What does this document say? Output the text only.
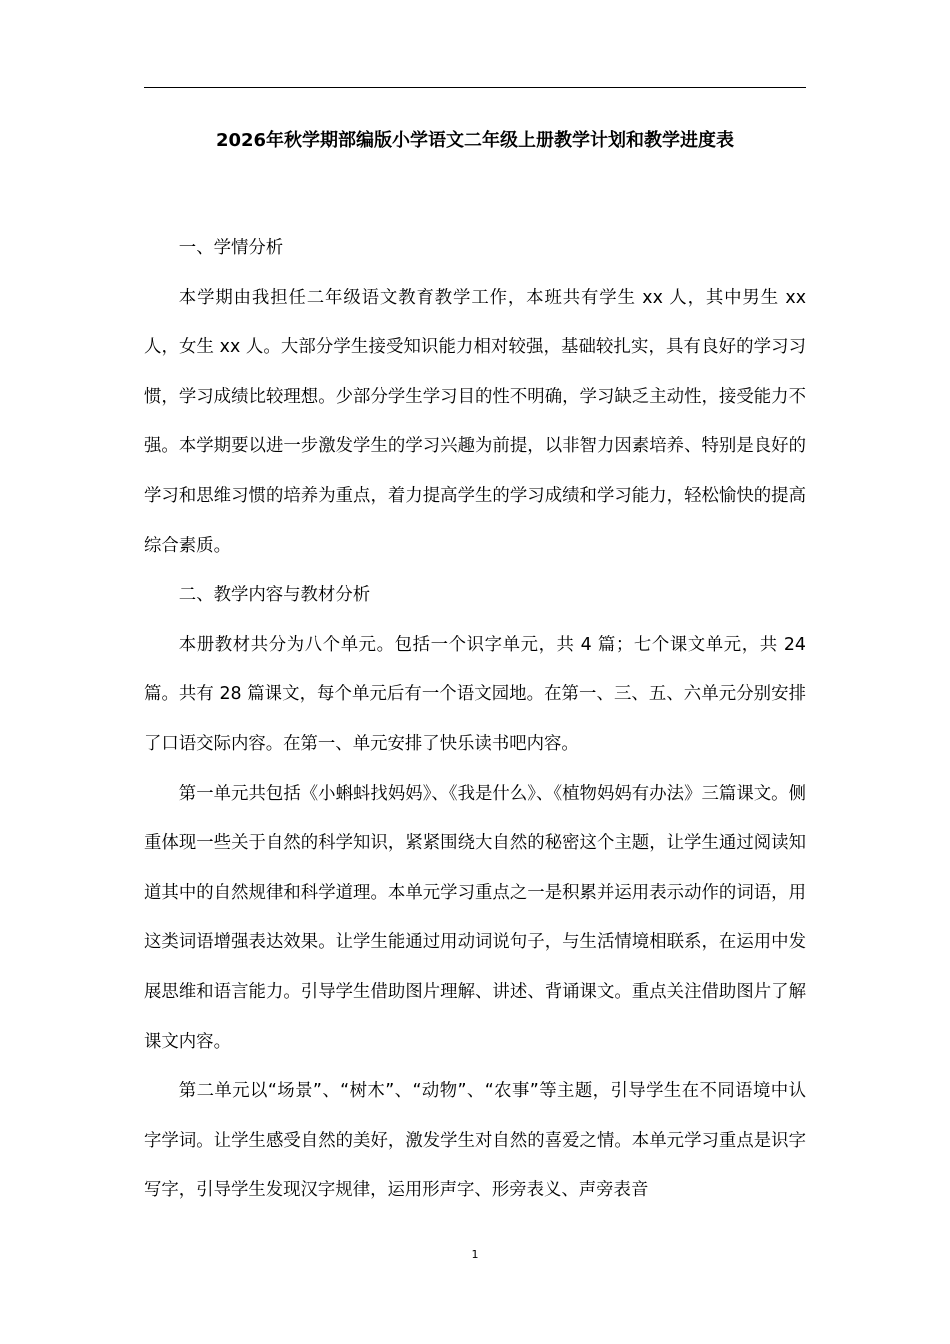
2026年秋学期部编版小学语文二年级上册教学计划和教学进度表

一、学情分析

本学期由我担任二年级语文教育教学工作，本班共有学生 xx 人，其中男生 xx 人，女生 xx 人。大部分学生接受知识能力相对较强，基础较扎实，具有良好的学习习惯，学习成绩比较理想。少部分学生学习目的性不明确，学习缺乏主动性，接受能力不强。本学期要以进一步激发学生的学习兴趣为前提，以非智力因素培养、特别是良好的学习和思维习惯的培养为重点，着力提高学生的学习成绩和学习能力，轻松愉快的提高综合素质。

二、教学内容与教材分析

本册教材共分为八个单元。包括一个识字单元，共 4 篇；七个课文单元，共 24 篇。共有 28 篇课文，每个单元后有一个语文园地。在第一、三、五、六单元分别安排了口语交际内容。在第一、单元安排了快乐读书吧内容。

第一单元共包括《小蝌蚪找妈妈》、《我是什么》、《植物妈妈有办法》三篇课文。侧重体现一些关于自然的科学知识，紧紧围绕大自然的秘密这个主题，让学生通过阅读知道其中的自然规律和科学道理。本单元学习重点之一是积累并运用表示动作的词语，用这类词语增强表达效果。让学生能通过用动词说句子，与生活情境相联系，在运用中发展思维和语言能力。引导学生借助图片理解、讲述、背诵课文。重点关注借助图片了解课文内容。

第二单元以“场景”、“树木”、“动物”、“农事”等主题，引导学生在不同语境中认字学词。让学生感受自然的美好，激发学生对自然的喜爱之情。本单元学习重点是识字写字，引导学生发现汉字规律，运用形声字、形旁表义、声旁表音

1
